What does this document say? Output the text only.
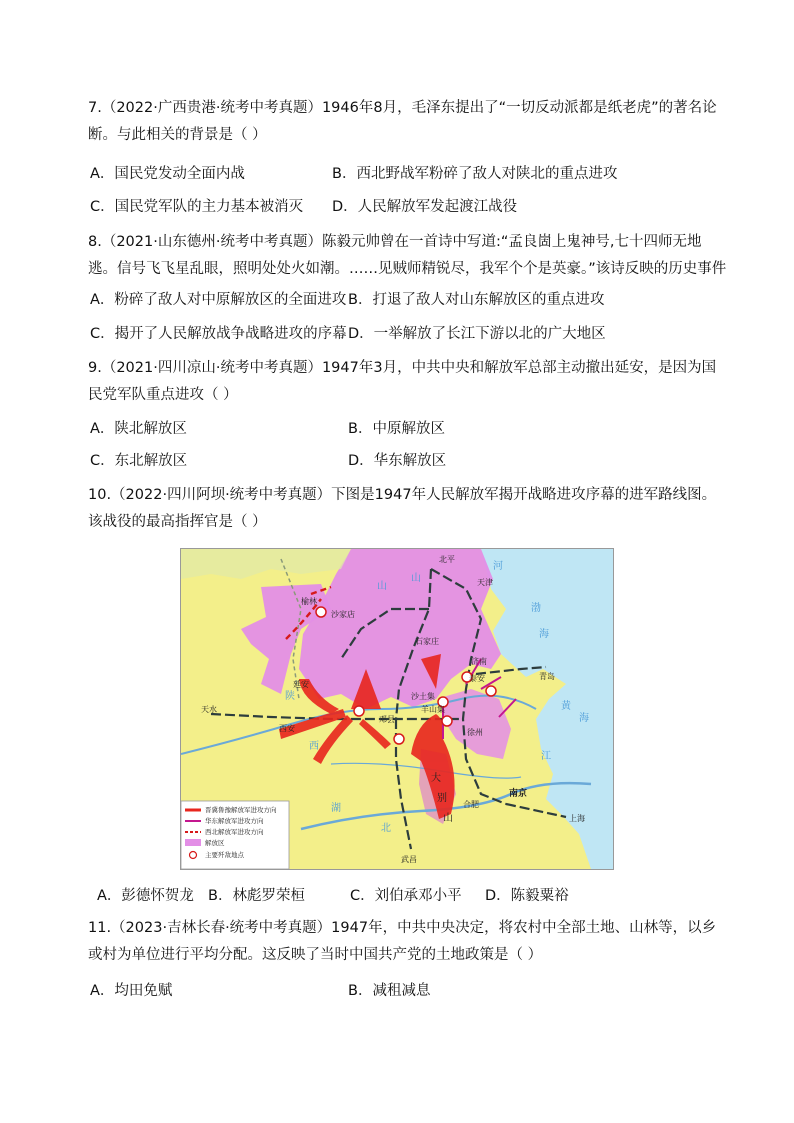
7.（2022·广西贵港·统考中考真题）1946年8月，毛泽东提出了“一切反动派都是纸老虎”的著名论断。与此相关的背景是（ ）
A．国民党发动全面内战	B．西北野战军粉碎了敌人对陕北的重点进攻
C．国民党军队的主力基本被消灭 D．人民解放军发起渡江战役
8.（2021·山东德州·统考中考真题）陈毅元帅曾在一首诗中写道:“孟良崮上鬼神号,七十四师无地逃。信号飞飞星乱眼，照明处处火如潮。……见贼师精锐尽，我军个个是英豪。”该诗反映的历史事件
A．粉碎了敌人对中原解放区的全面进攻 B．打退了敌人对山东解放区的重点进攻
C．揭开了人民解放战争战略进攻的序幕 D．一举解放了长江下游以北的广大地区
9.（2021·四川凉山·统考中考真题）1947年3月，中共中央和解放军总部主动撤出延安，是因为国民党军队重点进攻（ ）
A．陕北解放区	B．中原解放区
C．东北解放区	D．华东解放区
10.（2022·四川阿坝·统考中考真题）下图是1947年人民解放军揭开战略进攻序幕的进军路线图。该战役的最高指挥官是（ ）
北平
天津
榆林
沙家店
石家庄
延安
济南
泰安	青岛
天水
西安
沙土集
羊山集
邓县
徐州
合肥
南京
上海
武昌
河
渤
海
黄
海
江
湖
北
山
山
陕
西
大
别
山
晋冀鲁豫解放军进攻方向
华东解放军进攻方向
西北解放军进攻方向
解放区
主要歼敌地点
A．彭德怀贺龙 B．林彪罗荣桓	C．刘伯承邓小平 D．陈毅粟裕
11.（2023·吉林长春·统考中考真题）1947年，中共中央决定，将农村中全部土地、山林等，以乡或村为单位进行平均分配。这反映了当时中国共产党的土地政策是（ ）
A．均田免赋	B．减租减息
